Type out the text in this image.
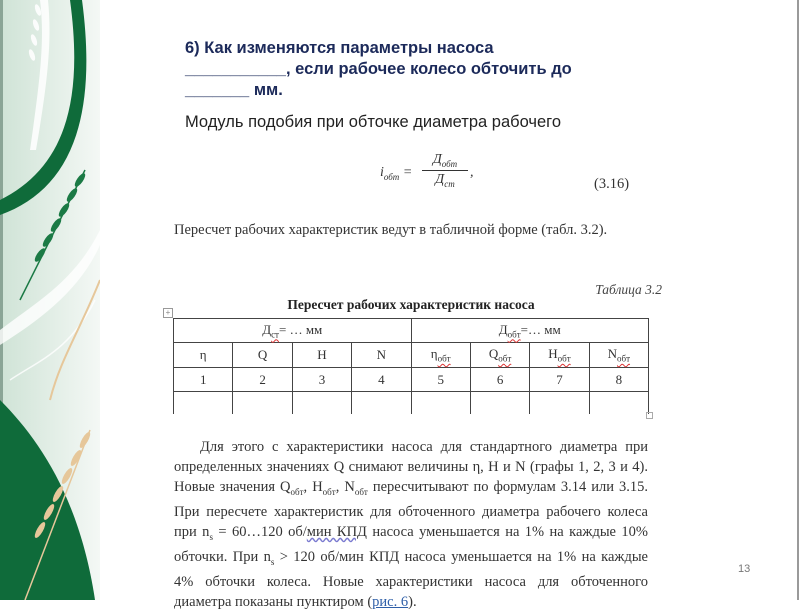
6) Как изменяются параметры насоса
___________, если рабочее колесо обточить до
_______ мм.
Модуль подобия при обточке диаметра рабочего
$i_{обт}$ =
$Д_{обт}$
$Д_{ст}$
,
(3.16)
Пересчет рабочих характеристик ведут в табличной форме (табл. 3.2).
Таблица 3.2
Пересчет рабочих характеристик насоса
+
$Д_{ст}=$ … мм				$Д_{обт}=\dots$ мм			
η	Q	H	N	$\eta_{обт}$	$Q_{обт}$	$H_{обт}$	$N_{обт}$
1	2	3	4	5	6	7	8

Для этого с характеристики насоса для стандартного диаметра при определенных значениях Q снимают величины η, H и N (графы 1, 2, 3 и 4). Новые значения $Q_{обт}$, $H_{обт}$, $N_{обт}$ пересчитывают по формулам 3.14 или 3.15. При пересчете характеристик для обточенного диаметра рабочего колеса при $n_s$ = 60…120 об/мин КПД насоса уменьшается на 1% на каждые 10% обточки. При $n_s > 120$ об/мин КПД насоса уменьшается на 1% на каждые 4% обточки колеса. Новые характеристики насоса для обточенного диаметра показаны пунктиром (рис. 6).
13
